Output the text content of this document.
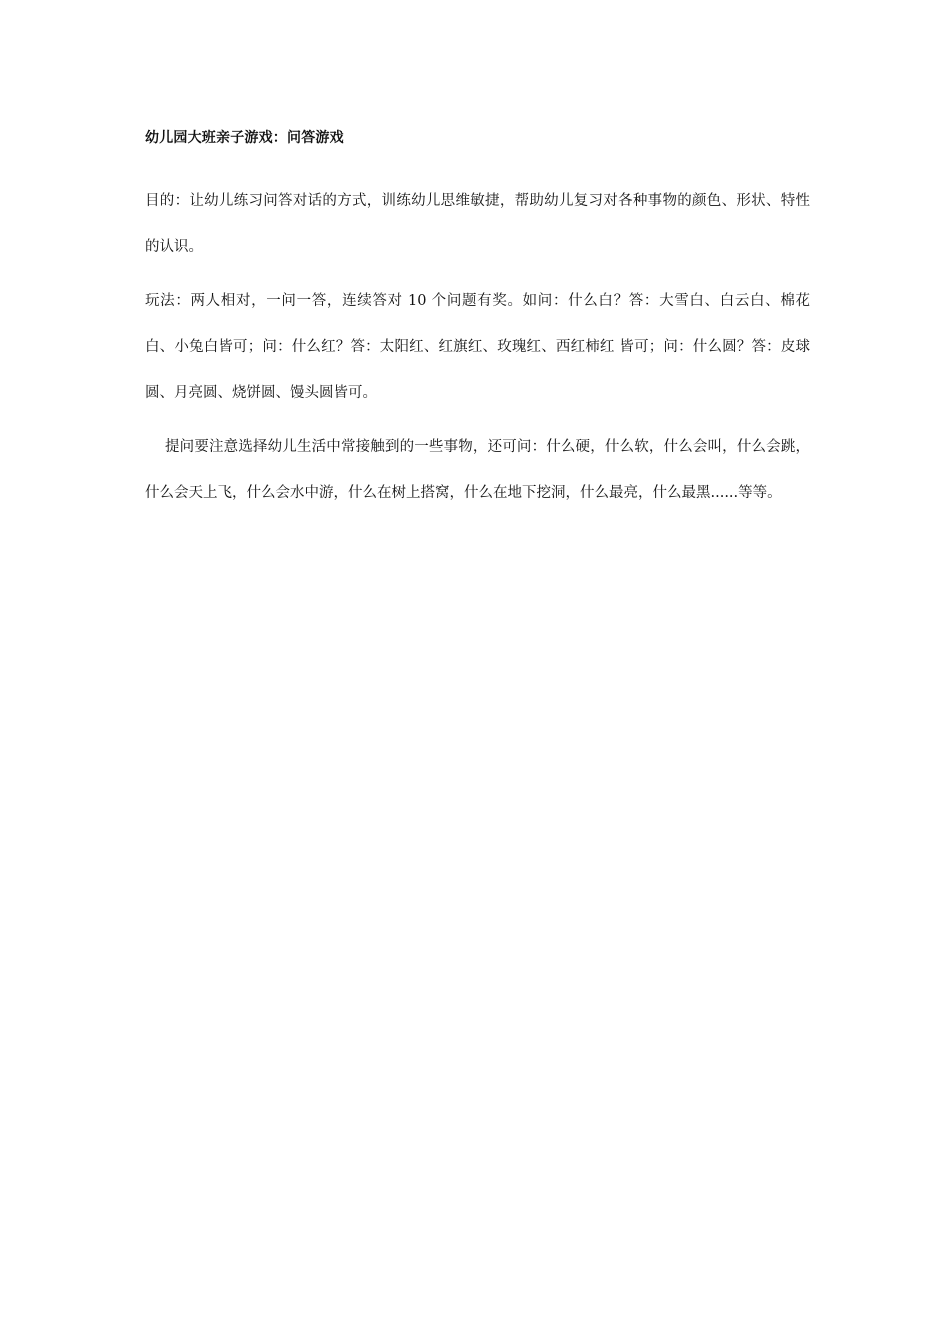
幼儿园大班亲子游戏：问答游戏

目的：让幼儿练习问答对话的方式，训练幼儿思维敏捷，帮助幼儿复习对各种事物的颜色、形状、特性的认识。

玩法：两人相对，一问一答，连续答对 10 个问题有奖。如问：什么白？答：大雪白、白云白、棉花白、小兔白皆可；问：什么红？答：太阳红、红旗红、玫瑰红、西红柿红 皆可；问：什么圆？答：皮球圆、月亮圆、烧饼圆、馒头圆皆可。

提问要注意选择幼儿生活中常接触到的一些事物，还可问：什么硬，什么软，什么会叫，什么会跳，什么会天上飞，什么会水中游，什么在树上搭窝，什么在地下挖洞，什么最亮，什么最黑......等等。
